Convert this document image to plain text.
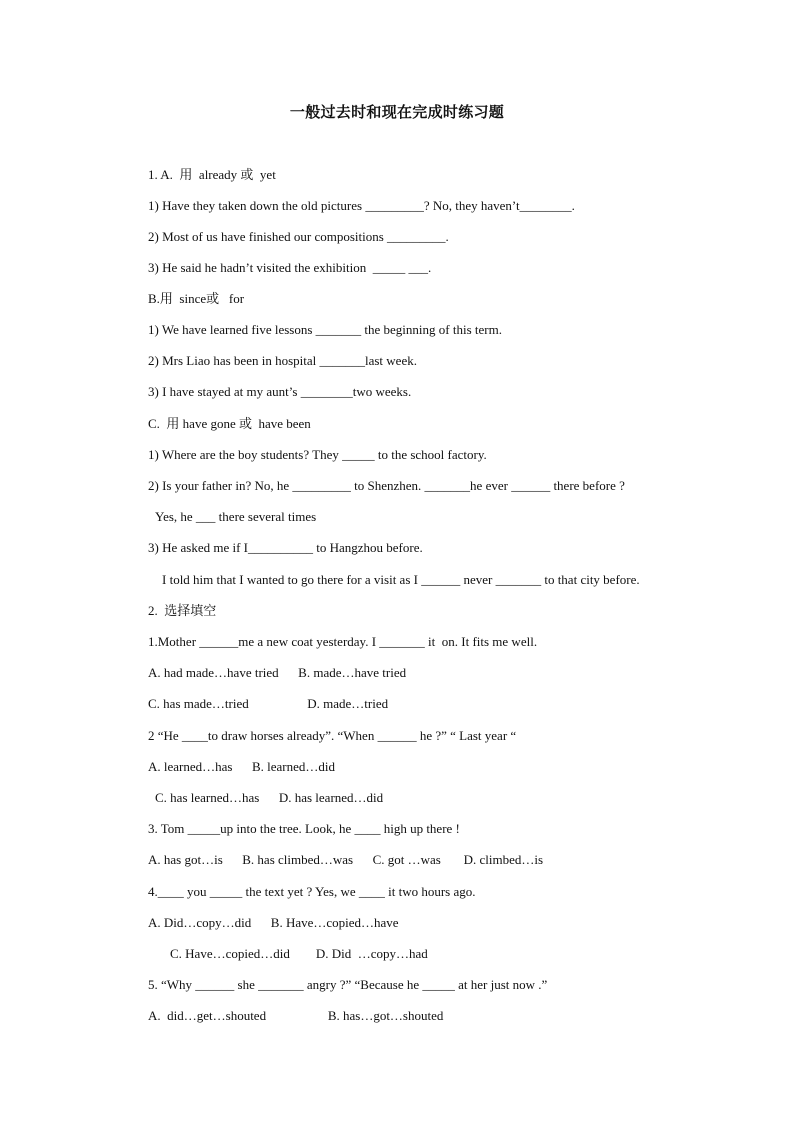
一般过去时和现在完成时练习题
1. A.  用  already 或  yet
1) Have they taken down the old pictures _________? No, they haven’t________.
2) Most of us have finished our compositions _________.
3) He said he hadn’t visited the exhibition  _____ ___.
B.用  since或   for
1) We have learned five lessons _______ the beginning of this term.
2) Mrs Liao has been in hospital _______last week.
3) I have stayed at my aunt’s ________two weeks.
C.  用 have gone 或  have been
1) Where are the boy students? They _____ to the school factory.
2) Is your father in? No, he _________ to Shenzhen. _______he ever ______ there before ?
Yes, he ___ there several times
3) He asked me if I__________ to Hangzhou before.
I told him that I wanted to go there for a visit as I ______ never _______ to that city before.
2.  选择填空
1.Mother ______me a new coat yesterday. I _______ it  on. It fits me well.
A. had made…have tried      B. made…have tried
C. has made…tried                  D. made…tried
2 “He ____to draw horses already”. “When ______ he ?” “ Last year “
A. learned…has      B. learned…did
C. has learned…has      D. has learned…did
3. Tom _____up into the tree. Look, he ____ high up there !
A. has got…is      B. has climbed…was      C. got …was       D. climbed…is
4.____ you _____ the text yet ? Yes, we ____ it two hours ago.
A. Did…copy…did      B. Have…copied…have
C. Have…copied…did        D. Did  …copy…had
5. “Why ______ she _______ angry ?” “Because he _____ at her just now .”
A.  did…get…shouted                   B. has…got…shouted
